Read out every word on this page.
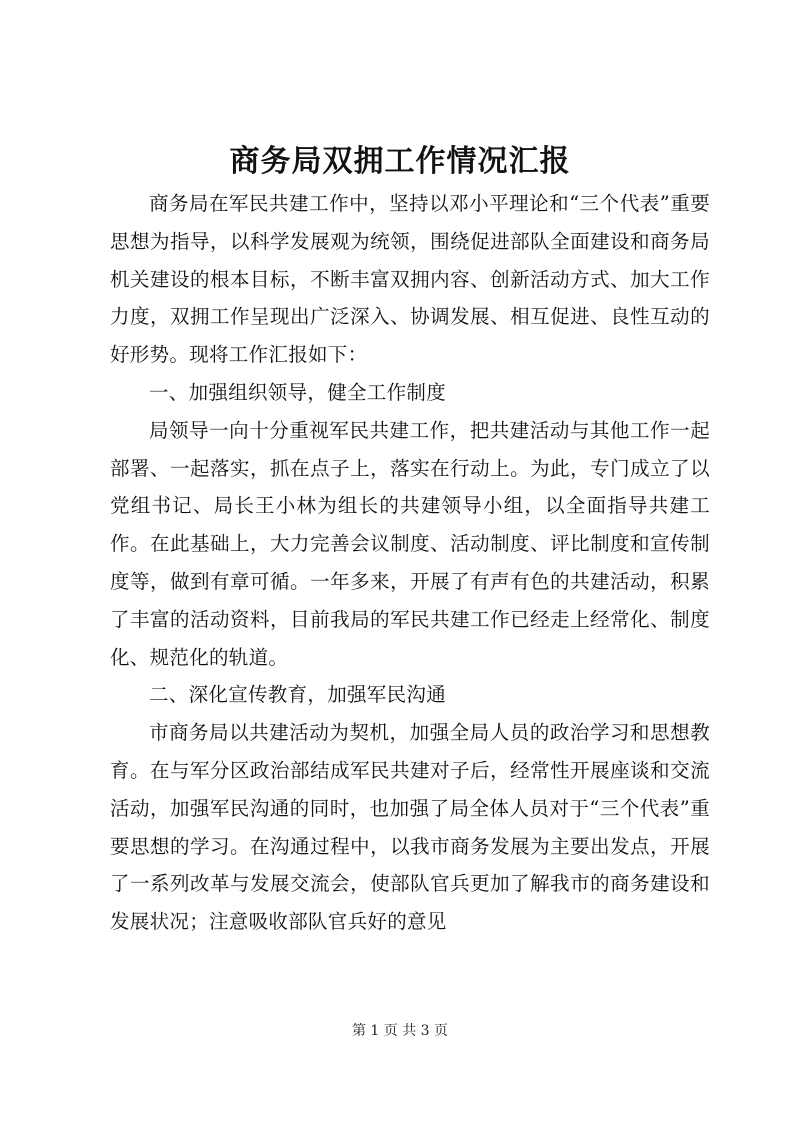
商务局双拥工作情况汇报

商务局在军民共建工作中，坚持以邓小平理论和“三个代表”重要思想为指导，以科学发展观为统领，围绕促进部队全面建设和商务局机关建设的根本目标，不断丰富双拥内容、创新活动方式、加大工作力度，双拥工作呈现出广泛深入、协调发展、相互促进、良性互动的好形势。现将工作汇报如下：

一、加强组织领导，健全工作制度

局领导一向十分重视军民共建工作，把共建活动与其他工作一起部署、一起落实，抓在点子上，落实在行动上。为此，专门成立了以党组书记、局长王小林为组长的共建领导小组，以全面指导共建工作。在此基础上，大力完善会议制度、活动制度、评比制度和宣传制度等，做到有章可循。一年多来，开展了有声有色的共建活动，积累了丰富的活动资料，目前我局的军民共建工作已经走上经常化、制度化、规范化的轨道。

二、深化宣传教育，加强军民沟通

市商务局以共建活动为契机，加强全局人员的政治学习和思想教育。在与军分区政治部结成军民共建对子后，经常性开展座谈和交流活动，加强军民沟通的同时，也加强了局全体人员对于“三个代表”重要思想的学习。在沟通过程中，以我市商务发展为主要出发点，开展了一系列改革与发展交流会，使部队官兵更加了解我市的商务建设和发展状况；注意吸收部队官兵好的意见

第 1 页 共 3 页
